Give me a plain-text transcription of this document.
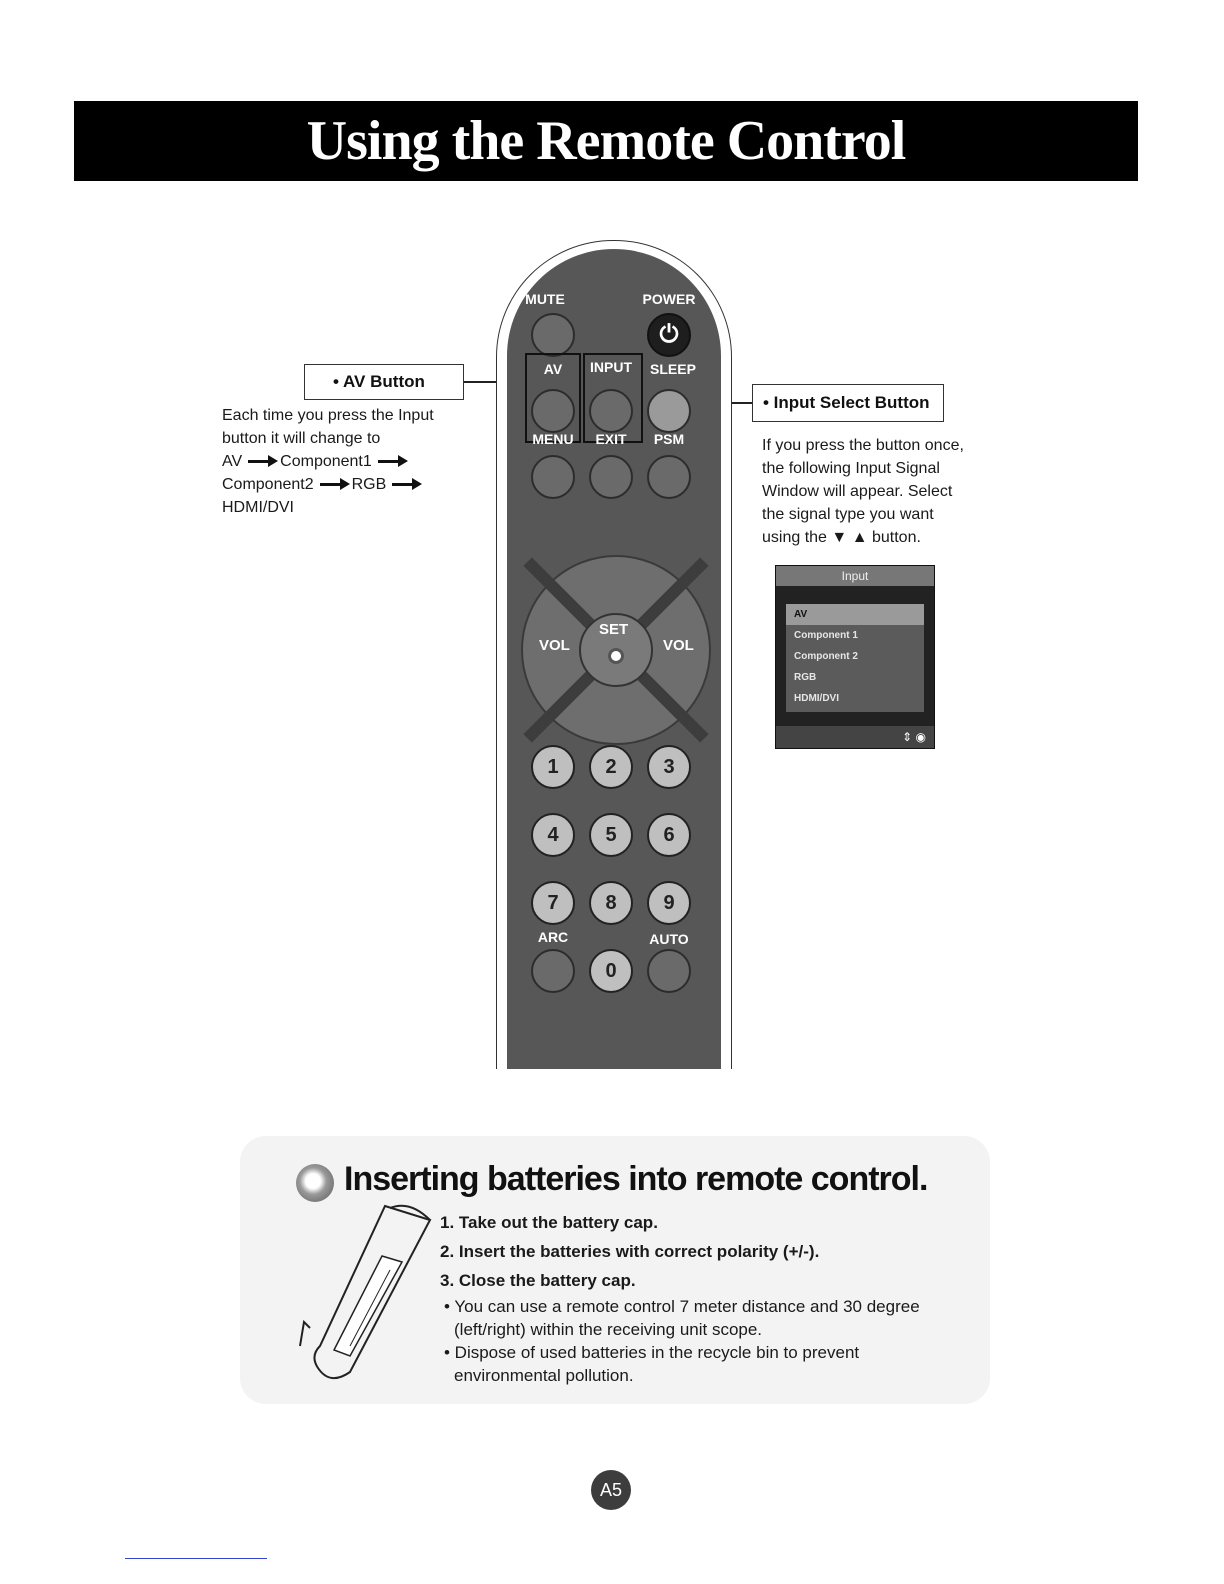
Using the Remote Control
• AV Button
Each time you press the Input
button it will change to
AV Component1
Component2 RGB
HDMI/DVI
• Input Select Button
If you press the button once,
the following Input Signal
Window will appear. Select
the signal type you want
using the ▼ ▲ button.
MUTE	POWER
⏻
AV	INPUT	SLEEP
MENU	EXIT	PSM
VOL	VOL
SET
1 2 3
4 5 6
7 8 9
ARC	AUTO
0
Input
AV
Component 1
Component 2
RGB
HDMI/DVI
⇕ ◉
Inserting batteries into remote control.
1. Take out the battery cap.
2. Insert the batteries with correct polarity (+/-).
3. Close the battery cap.
• You can use a remote control 7 meter distance and 30 degree (left/right) within the receiving unit scope.
• Dispose of used batteries in the recycle bin to prevent environmental pollution.
A5
